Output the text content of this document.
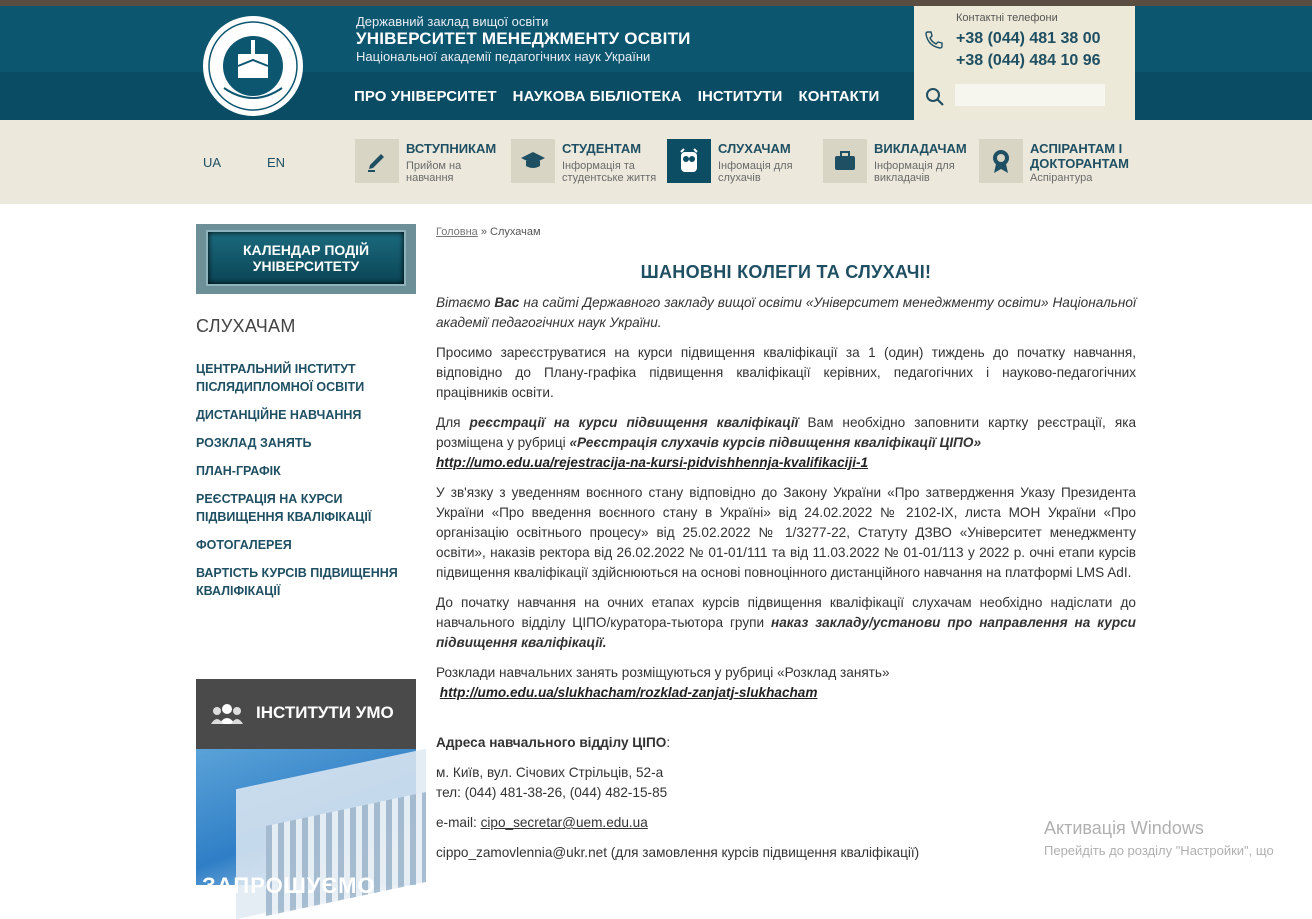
Державний заклад вищої освіти
УНІВЕРСИТЕТ МЕНЕДЖМЕНТУ ОСВІТИ
Національної академії педагогічних наук України
ПРО УНІВЕРСИТЕТ НАУКОВА БІБЛІОТЕКА ІНСТИТУТИ КОНТАКТИ
Контактні телефони
+38 (044) 481 38 00
+38 (044) 484 10 96
UA	EN
ВСТУПНИКАМ
Прийом на
навчання
СТУДЕНТАМ
Інформація та
студентське життя
СЛУХАЧАМ
Інфомація для
слухачів
ВИКЛАДАЧАМ
Інформація для
викладачів
АСПІРАНТАМ І
ДОКТОРАНТАМ
Аспірантура
КАЛЕНДАР ПОДІЙ
УНІВЕРСИТЕТУ
СЛУХАЧАМ
ЦЕНТРАЛЬНИЙ ІНСТИТУТ ПІСЛЯДИПЛОМНОЇ ОСВІТИ
ДИСТАНЦІЙНЕ НАВЧАННЯ
РОЗКЛАД ЗАНЯТЬ
ПЛАН-ГРАФІК
РЕЄСТРАЦІЯ НА КУРСИ ПІДВИЩЕННЯ КВАЛІФІКАЦІЇ
ФОТОГАЛЕРЕЯ
ВАРТІСТЬ КУРСІВ ПІДВИЩЕННЯ КВАЛІФІКАЦІЇ
ІНСТИТУТИ УМО
ЗАПРОШУЄМО
Головна » Слухачам
ШАНОВНІ КОЛЕГИ ТА СЛУХАЧІ!

Вітаємо Вас на сайті Державного закладу вищої освіти «Університет менеджменту освіти» Національної академії педагогічних наук України.

Просимо зареєструватися на курси підвищення кваліфікації за 1 (один) тиждень до початку навчання, відповідно до Плану-графіка підвищення кваліфікації керівних, педагогічних і науково-педагогічних працівників освіти.

Для реєстрації на курси підвищення кваліфікації Вам необхідно заповнити картку реєстрації, яка розміщена у рубриці «Реєстрація слухачів курсів підвищення кваліфікації ЦІПО»
http://umo.edu.ua/rejestracija-na-kursi-pidvishhennja-kvalifikaciji-1

У зв'язку з уведенням воєнного стану відповідно до Закону України «Про затвердження Указу Президента України «Про введення воєнного стану в Україні» від 24.02.2022 № 2102-IX, листа МОН України «Про організацію освітнього процесу» від 25.02.2022 № 1/3277-22, Статуту ДЗВО «Університет менеджменту освіти», наказів ректора від 26.02.2022 № 01-01/111 та від 11.03.2022 № 01-01/113 у 2022 р. очні етапи курсів підвищення кваліфікації здійснюються на основі повноцінного дистанційного навчання на платформі LMS AdI.

До початку навчання на очних етапах курсів підвищення кваліфікації слухачам необхідно надіслати до навчального відділу ЦІПО/куратора-тьютора групи наказ закладу/установи про направлення на курси підвищення кваліфікації.

Розклади навчальних занять розміщуються у рубриці «Розклад занять»
http://umo.edu.ua/slukhacham/rozklad-zanjatj-slukhacham

Адреса навчального відділу ЦІПО:

м. Київ, вул. Січових Стрільців, 52-а
тел: (044) 481-38-26, (044) 482-15-85

e-mail: cipo_secretar@uem.edu.ua

cippo_zamovlennia@ukr.net (для замовлення курсів підвищення кваліфікації)

Активація Windows
Перейдіть до розділу "Настройки", що
